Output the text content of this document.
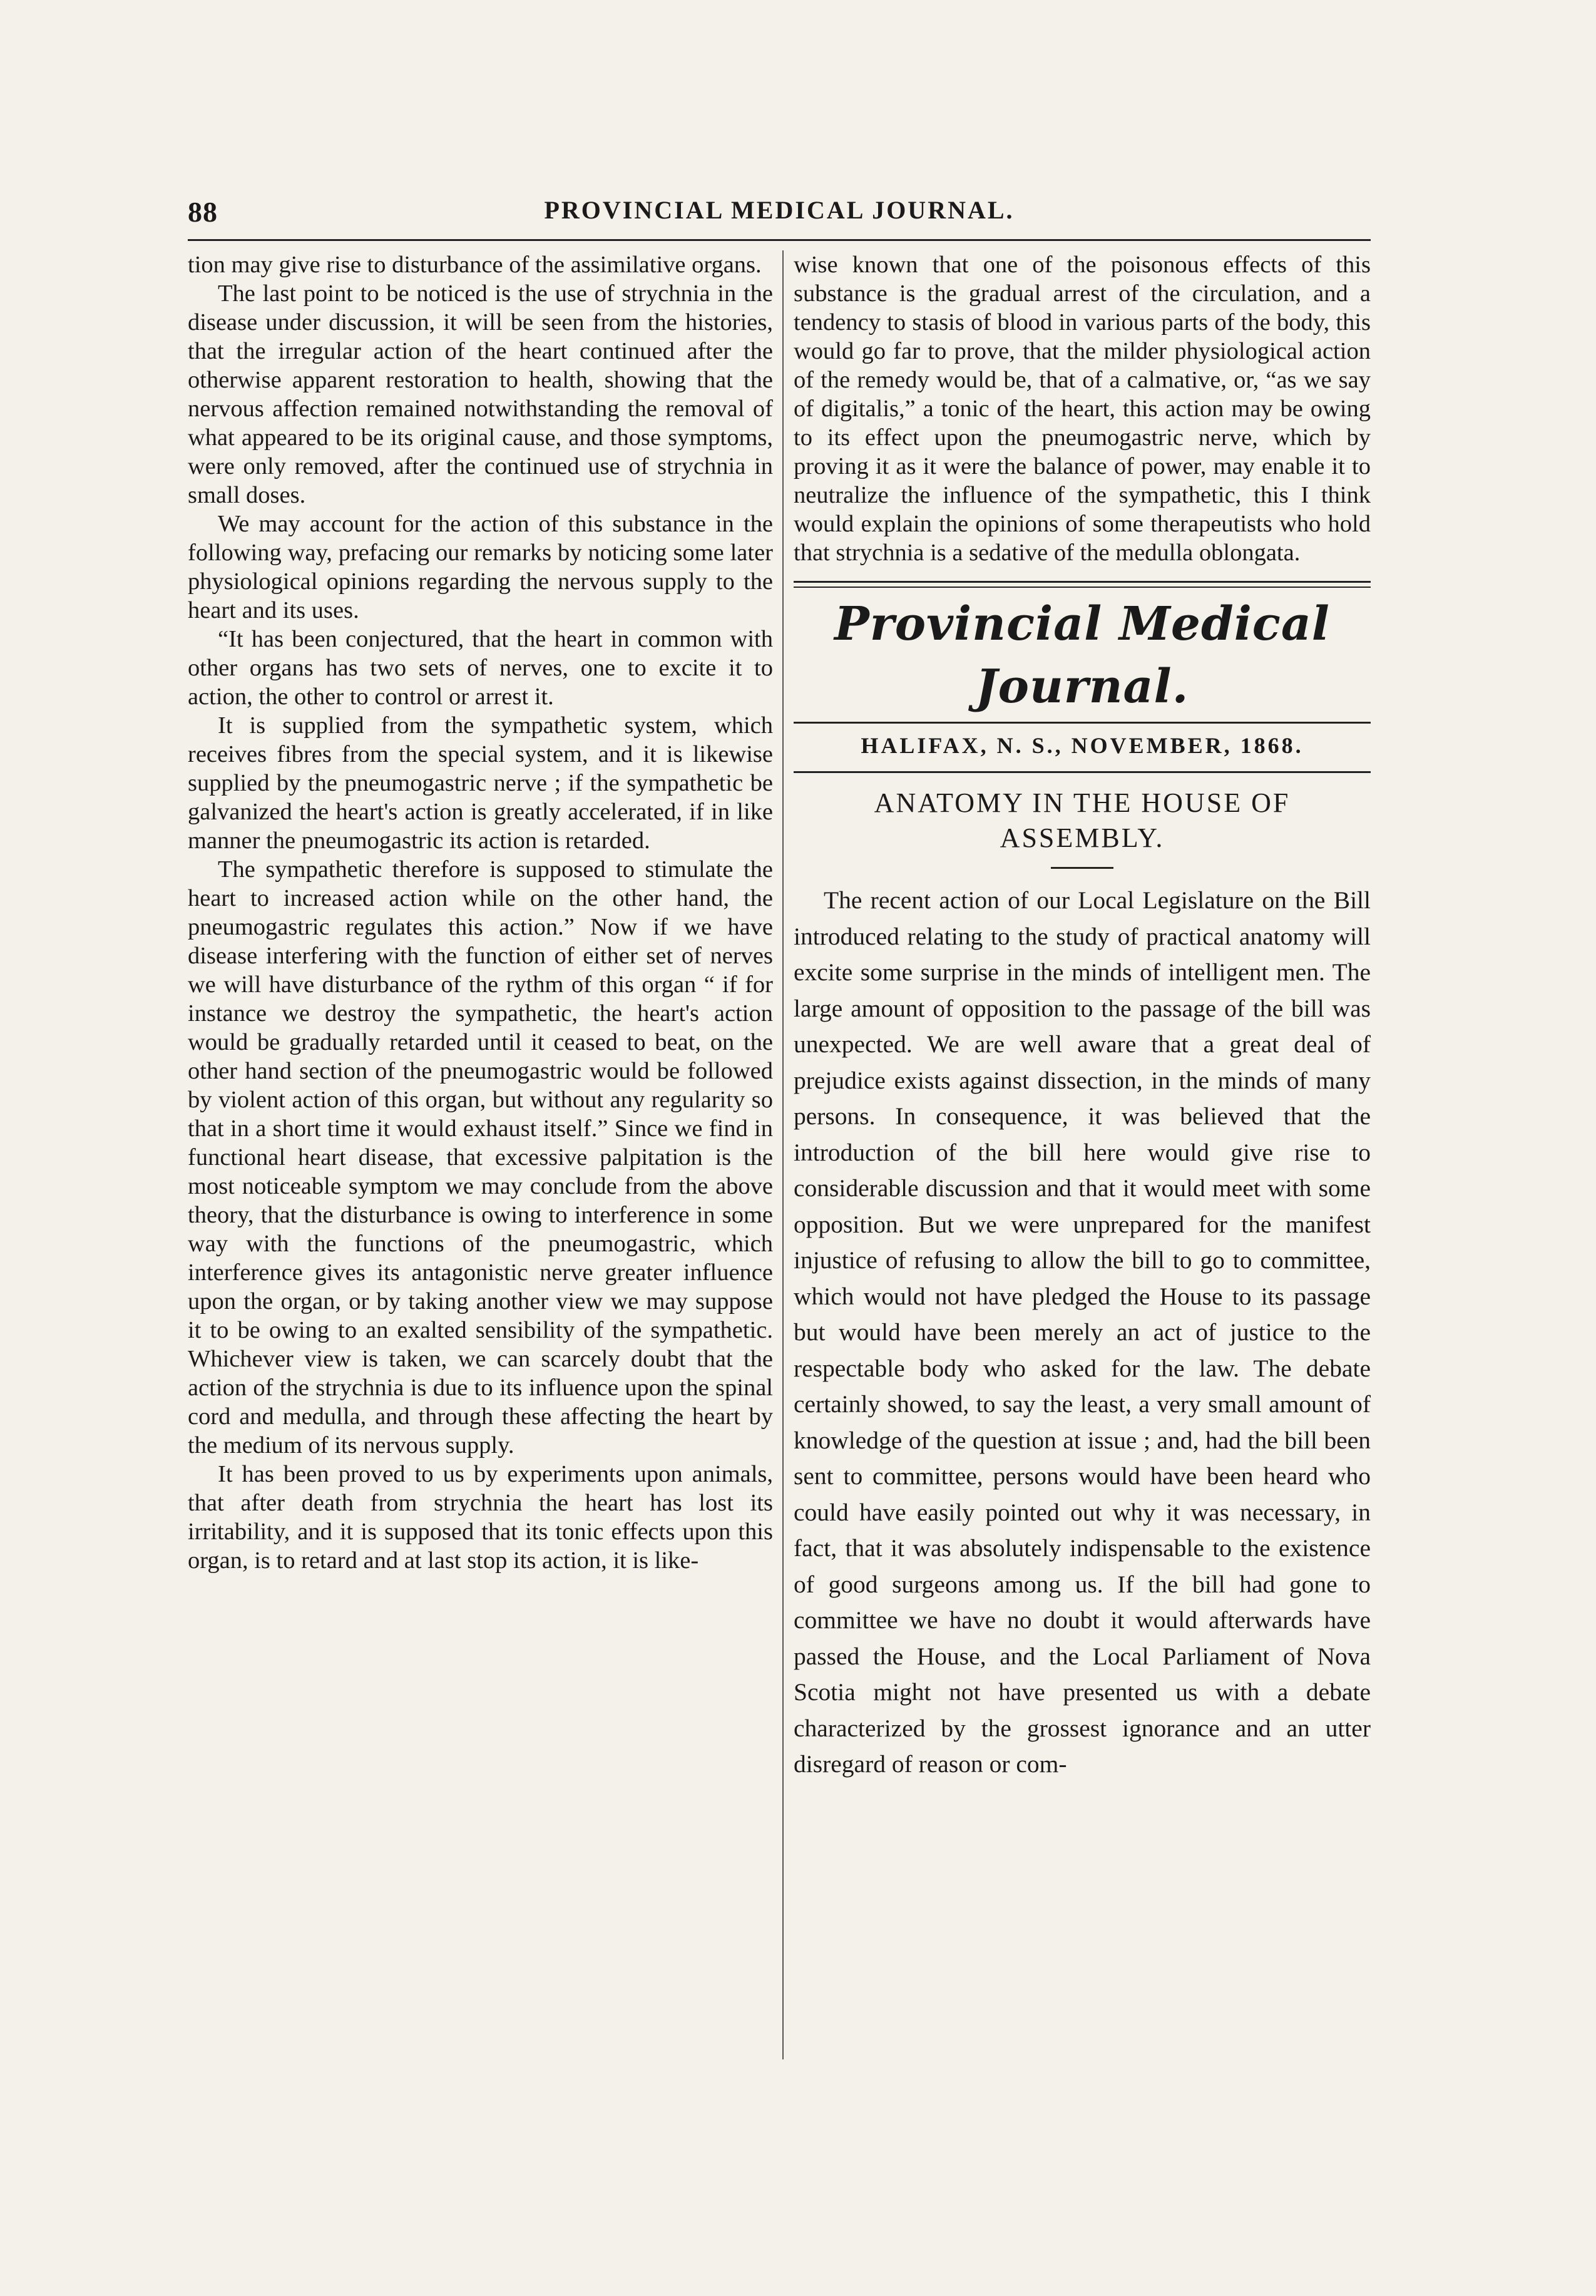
88	PROVINCIAL MEDICAL JOURNAL.

tion may give rise to disturbance of the assimilative organs.

The last point to be noticed is the use of strychnia in the disease under discussion, it will be seen from the histories, that the irregular action of the heart continued after the otherwise apparent restoration to health, showing that the nervous affection remained notwithstanding the removal of what appeared to be its original cause, and those symptoms, were only removed, after the continued use of strychnia in small doses.

We may account for the action of this substance in the following way, prefacing our remarks by noticing some later physiological opinions regarding the nervous supply to the heart and its uses.

“It has been conjectured, that the heart in common with other organs has two sets of nerves, one to excite it to action, the other to control or arrest it.

It is supplied from the sympathetic system, which receives fibres from the special system, and it is likewise supplied by the pneumogastric nerve ; if the sympathetic be galvanized the heart's action is greatly accelerated, if in like manner the pneumogastric its action is retarded.

The sympathetic therefore is supposed to stimulate the heart to increased action while on the other hand, the pneumogastric regulates this action.” Now if we have disease interfering with the function of either set of nerves we will have disturbance of the rythm of this organ “ if for instance we destroy the sympathetic, the heart's action would be gradually retarded until it ceased to beat, on the other hand section of the pneumogastric would be followed by violent action of this organ, but without any regularity so that in a short time it would exhaust itself.” Since we find in functional heart disease, that excessive palpitation is the most noticeable symptom we may conclude from the above theory, that the disturbance is owing to interference in some way with the functions of the pneumogastric, which interference gives its antagonistic nerve greater influence upon the organ, or by taking another view we may suppose it to be owing to an exalted sensibility of the sympathetic. Whichever view is taken, we can scarcely doubt that the action of the strychnia is due to its influence upon the spinal cord and medulla, and through these affecting the heart by the medium of its nervous supply.

It has been proved to us by experiments upon animals, that after death from strychnia the heart has lost its irritability, and it is supposed that its tonic effects upon this organ, is to retard and at last stop its action, it is like-

wise known that one of the poisonous effects of this substance is the gradual arrest of the circulation, and a tendency to stasis of blood in various parts of the body, this would go far to prove, that the milder physiological action of the remedy would be, that of a calmative, or, “as we say of digitalis,” a tonic of the heart, this action may be owing to its effect upon the pneumogastric nerve, which by proving it as it were the balance of power, may enable it to neutralize the influence of the sympathetic, this I think would explain the opinions of some therapeutists who hold that strychnia is a sedative of the medulla oblongata.

Provincial Medical Journal.
HALIFAX, N. S., NOVEMBER, 1868.
ANATOMY IN THE HOUSE OF ASSEMBLY.

The recent action of our Local Legislature on the Bill introduced relating to the study of practical anatomy will excite some surprise in the minds of intelligent men. The large amount of opposition to the passage of the bill was unexpected. We are well aware that a great deal of prejudice exists against dissection, in the minds of many persons. In consequence, it was believed that the introduction of the bill here would give rise to considerable discussion and that it would meet with some opposition. But we were unprepared for the manifest injustice of refusing to allow the bill to go to committee, which would not have pledged the House to its passage but would have been merely an act of justice to the respectable body who asked for the law. The debate certainly showed, to say the least, a very small amount of knowledge of the question at issue ; and, had the bill been sent to committee, persons would have been heard who could have easily pointed out why it was necessary, in fact, that it was absolutely indispensable to the existence of good surgeons among us. If the bill had gone to committee we have no doubt it would afterwards have passed the House, and the Local Parliament of Nova Scotia might not have presented us with a debate characterized by the grossest ignorance and an utter disregard of reason or com-
